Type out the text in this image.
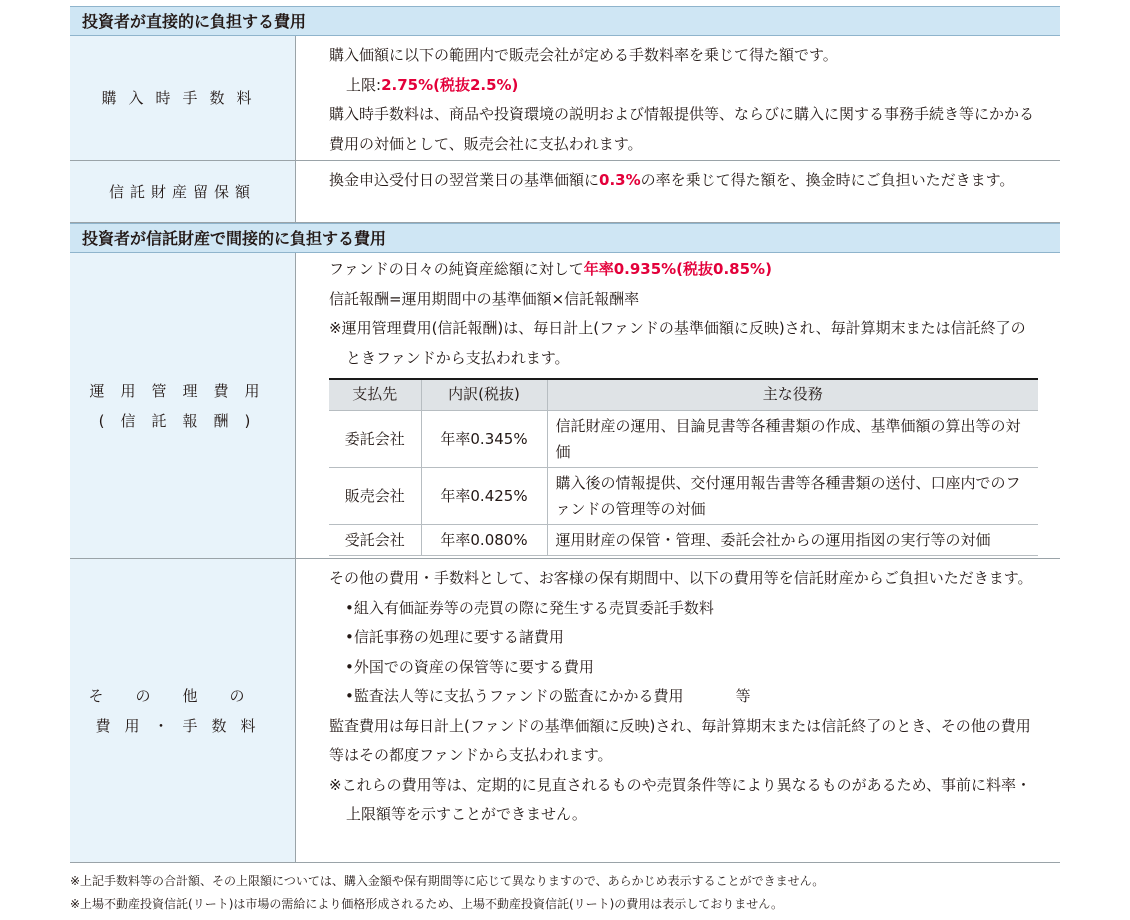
投資者が直接的に負担する費用
購入時手数料
購入価額に以下の範囲内で販売会社が定める手数料率を乗じて得た額です。
上限:2.75%(税抜2.5%)
購入時手数料は、商品や投資環境の説明および情報提供等、ならびに購入に関する事務手続き等にかかる費用の対価として、販売会社に支払われます。
信託財産留保額
換金申込受付日の翌営業日の基準価額に0.3%の率を乗じて得た額を、換金時にご負担いただきます。
投資者が信託財産で間接的に負担する費用
運用管理費用
(信託報酬)
ファンドの日々の純資産総額に対して年率0.935%(税抜0.85%)
信託報酬=運用期間中の基準価額×信託報酬率
※運用管理費用(信託報酬)は、毎日計上(ファンドの基準価額に反映)され、毎計算期末または信託終了のときファンドから支払われます。
支払先	内訳(税抜)	主な役務
委託会社	年率0.345%	信託財産の運用、目論見書等各種書類の作成、基準価額の算出等の対価
販売会社	年率0.425%	購入後の情報提供、交付運用報告書等各種書類の送付、口座内でのファンドの管理等の対価
受託会社	年率0.080%	運用財産の保管・管理、委託会社からの運用指図の実行等の対価
その他の
費用・手数料
その他の費用・手数料として、お客様の保有期間中、以下の費用等を信託財産からご負担いただきます。
•組入有価証券等の売買の際に発生する売買委託手数料
•信託事務の処理に要する諸費用
•外国での資産の保管等に要する費用
•監査法人等に支払うファンドの監査にかかる費用	等
監査費用は毎日計上(ファンドの基準価額に反映)され、毎計算期末または信託終了のとき、その他の費用等はその都度ファンドから支払われます。
※これらの費用等は、定期的に見直されるものや売買条件等により異なるものがあるため、事前に料率・上限額等を示すことができません。
※上記手数料等の合計額、その上限額については、購入金額や保有期間等に応じて異なりますので、あらかじめ表示することができません。
※上場不動産投資信託(リート)は市場の需給により価格形成されるため、上場不動産投資信託(リート)の費用は表示しておりません。
